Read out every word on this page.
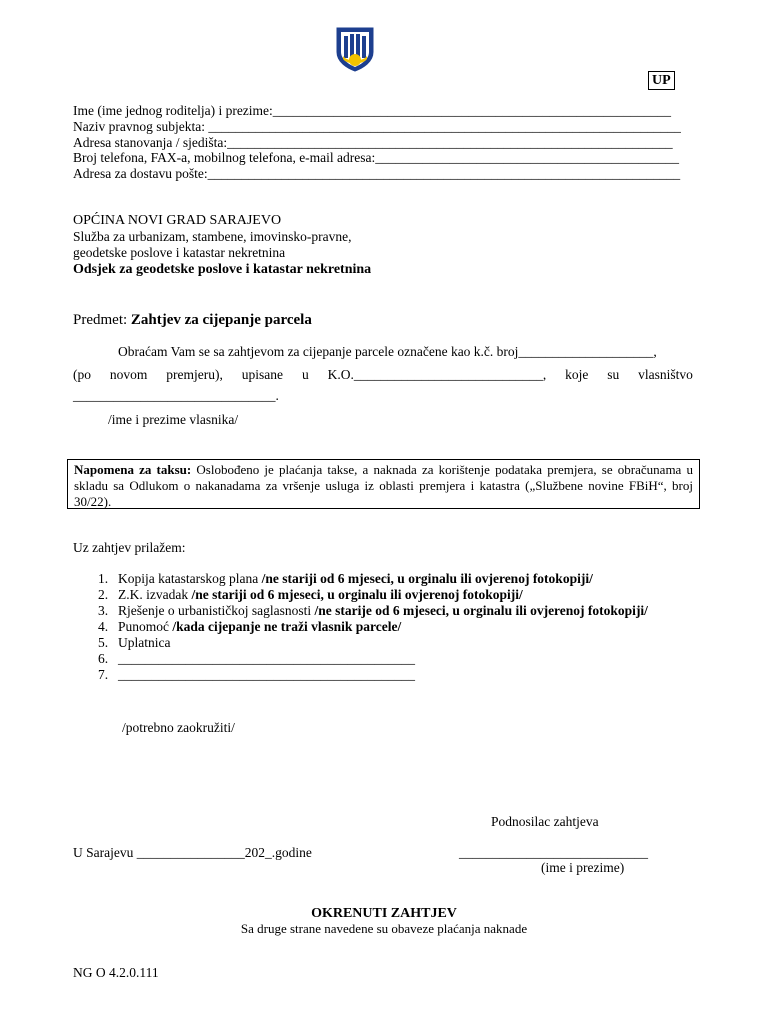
UP
Ime (ime jednog roditelja) i prezime:___________________________________________________________
Naziv pravnog subjekta: ______________________________________________________________________
Adresa stanovanja / sjedišta:__________________________________________________________________
Broj telefona, FAX-a, mobilnog telefona, e-mail adresa:_____________________________________________
Adresa za dostavu pošte:______________________________________________________________________
OPĆINA NOVI GRAD SARAJEVO
Služba za urbanizam, stambene, imovinsko-pravne,
geodetske poslove i katastar nekretnina
Odsjek za geodetske poslove i katastar nekretnina
Predmet: Zahtjev za cijepanje parcela
Obraćam Vam se sa zahtjevom za cijepanje parcele označene kao k.č. broj____________________,
(po novom premjeru), upisane u K.O.____________________________, koje su vlasništvo
______________________________.
/ime i prezime vlasnika/
Napomena za taksu: Oslobođeno je plaćanja takse, a naknada za korištenje podataka premjera, se obračunama u skladu sa Odlukom o nakanadama za vršenje usluga iz oblasti premjera i katastra („Službene novine FBiH“, broj 30/22).
Uz zahtjev prilažem:
1. Kopija katastarskog plana /ne stariji od 6 mjeseci, u orginalu ili ovjerenoj fotokopiji/
2. Z.K. izvadak /ne stariji od 6 mjeseci, u orginalu ili ovjerenoj fotokopiji/
3. Rješenje o urbanističkoj saglasnosti /ne starije od 6 mjeseci, u orginalu ili ovjerenoj fotokopiji/
4. Punomoć /kada cijepanje ne traži vlasnik parcele/
5. Uplatnica
6. ____________________________________________
7. ____________________________________________
/potrebno zaokružiti/
Podnosilac zahtjeva
U Sarajevu ________________202_.godine	____________________________
(ime i prezime)
OKRENUTI ZAHTJEV
Sa druge strane navedene su obaveze plaćanja naknade
NG O 4.2.0.111
